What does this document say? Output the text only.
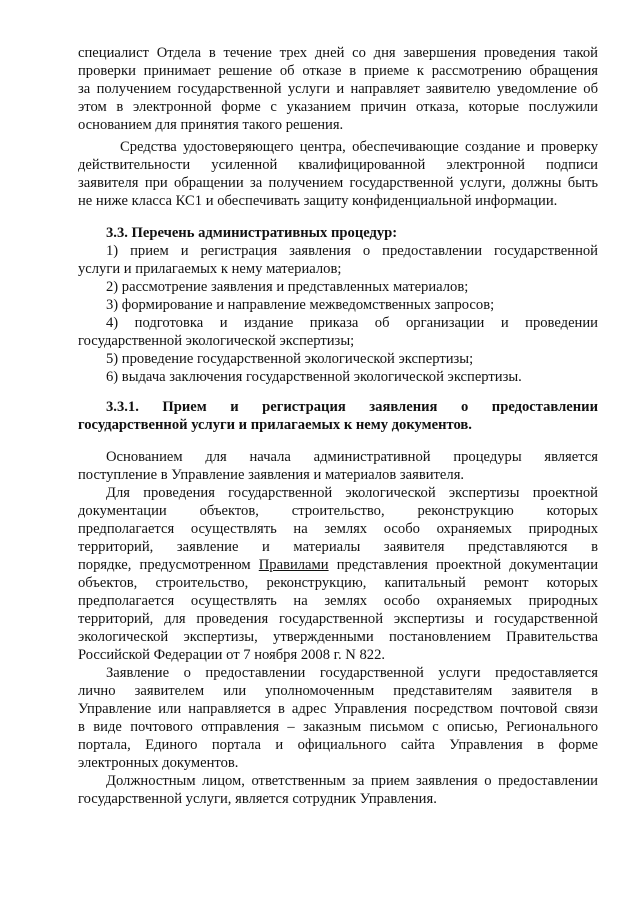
специалист Отдела в течение трех дней со дня завершения проведения такой
проверки принимает решение об отказе в приеме к рассмотрению обращения
за получением государственной услуги и направляет заявителю уведомление об
этом в электронной форме с указанием причин отказа, которые послужили
основанием для принятия такого решения.
Средства удостоверяющего центра, обеспечивающие создание и проверку
действительности усиленной квалифицированной электронной подписи
заявителя при обращении за получением государственной услуги, должны быть
не ниже класса КС1 и обеспечивать защиту конфиденциальной информации.
3.3. Перечень административных процедур:
1) прием и регистрация заявления о предоставлении государственной
услуги и прилагаемых к нему материалов;
2) рассмотрение заявления и представленных материалов;
3) формирование и направление межведомственных запросов;
4) подготовка и издание приказа об организации и проведении
государственной экологической экспертизы;
5) проведение государственной экологической экспертизы;
6) выдача заключения государственной экологической экспертизы.
3.3.1. Прием и регистрация заявления о предоставлении
государственной услуги и прилагаемых к нему документов.
Основанием для начала административной процедуры является
поступление в Управление заявления и материалов заявителя.
Для проведения государственной экологической экспертизы проектной
документации объектов, строительство, реконструкцию которых
предполагается осуществлять на землях особо охраняемых природных
территорий, заявление и материалы заявителя представляются в
порядке, предусмотренном Правилами представления проектной документации
объектов, строительство, реконструкцию, капитальный ремонт которых
предполагается осуществлять на землях особо охраняемых природных
территорий, для проведения государственной экспертизы и государственной
экологической экспертизы, утвержденными постановлением Правительства
Российской Федерации от 7 ноября 2008 г. N 822.
Заявление о предоставлении государственной услуги предоставляется
лично заявителем или уполномоченным представителям заявителя в
Управление или направляется в адрес Управления посредством почтовой связи
в виде почтового отправления – заказным письмом с описью, Регионального
портала, Единого портала и официального сайта Управления в форме
электронных документов.
Должностным лицом, ответственным за прием заявления о предоставлении
государственной услуги, является сотрудник Управления.
